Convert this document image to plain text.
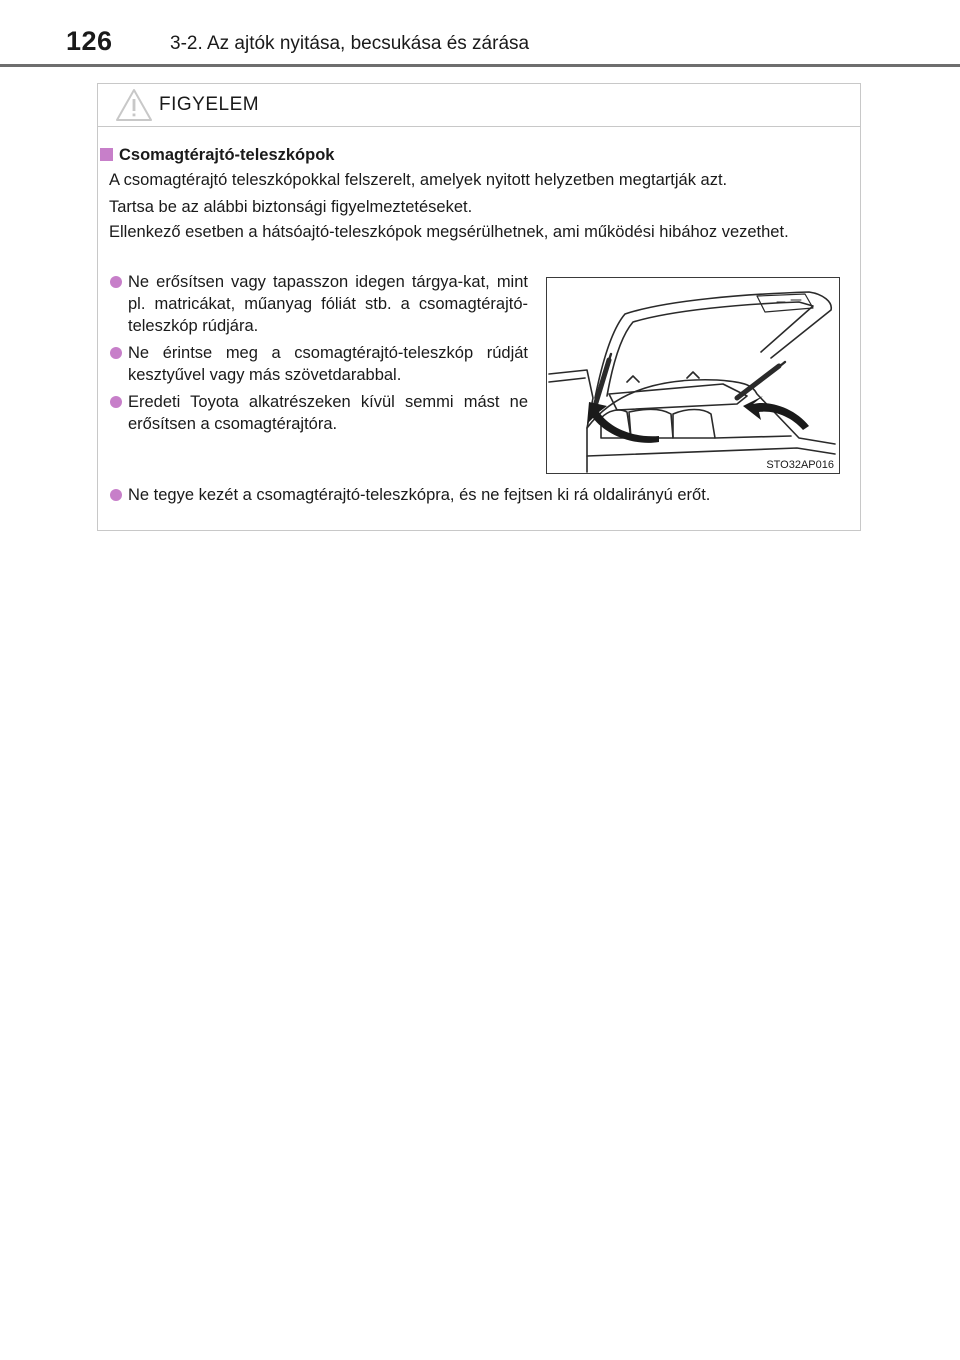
126	3-2. Az ajtók nyitása, becsukása és zárása
FIGYELEM
Csomagtérajtó-teleszkópok
A csomagtérajtó teleszkópokkal felszerelt, amelyek nyitott helyzetben megtartják azt.
Tartsa be az alábbi biztonsági figyelmeztetéseket.
Ellenkező esetben a hátsóajtó-teleszkópok megsérülhetnek, ami működési hibához vezethet.
Ne erősítsen vagy tapasszon idegen tárgya-kat, mint pl. matricákat, műanyag fóliát stb. a csomagtérajtó-teleszkóp rúdjára.
Ne érintse meg a csomagtérajtó-teleszkóp rúdját kesztyűvel vagy más szövetdarabbal.
Eredeti Toyota alkatrészeken kívül semmi mást ne erősítsen a csomagtérajtóra.
STO32AP016
Ne tegye kezét a csomagtérajtó-teleszkópra, és ne fejtsen ki rá oldalirányú erőt.
